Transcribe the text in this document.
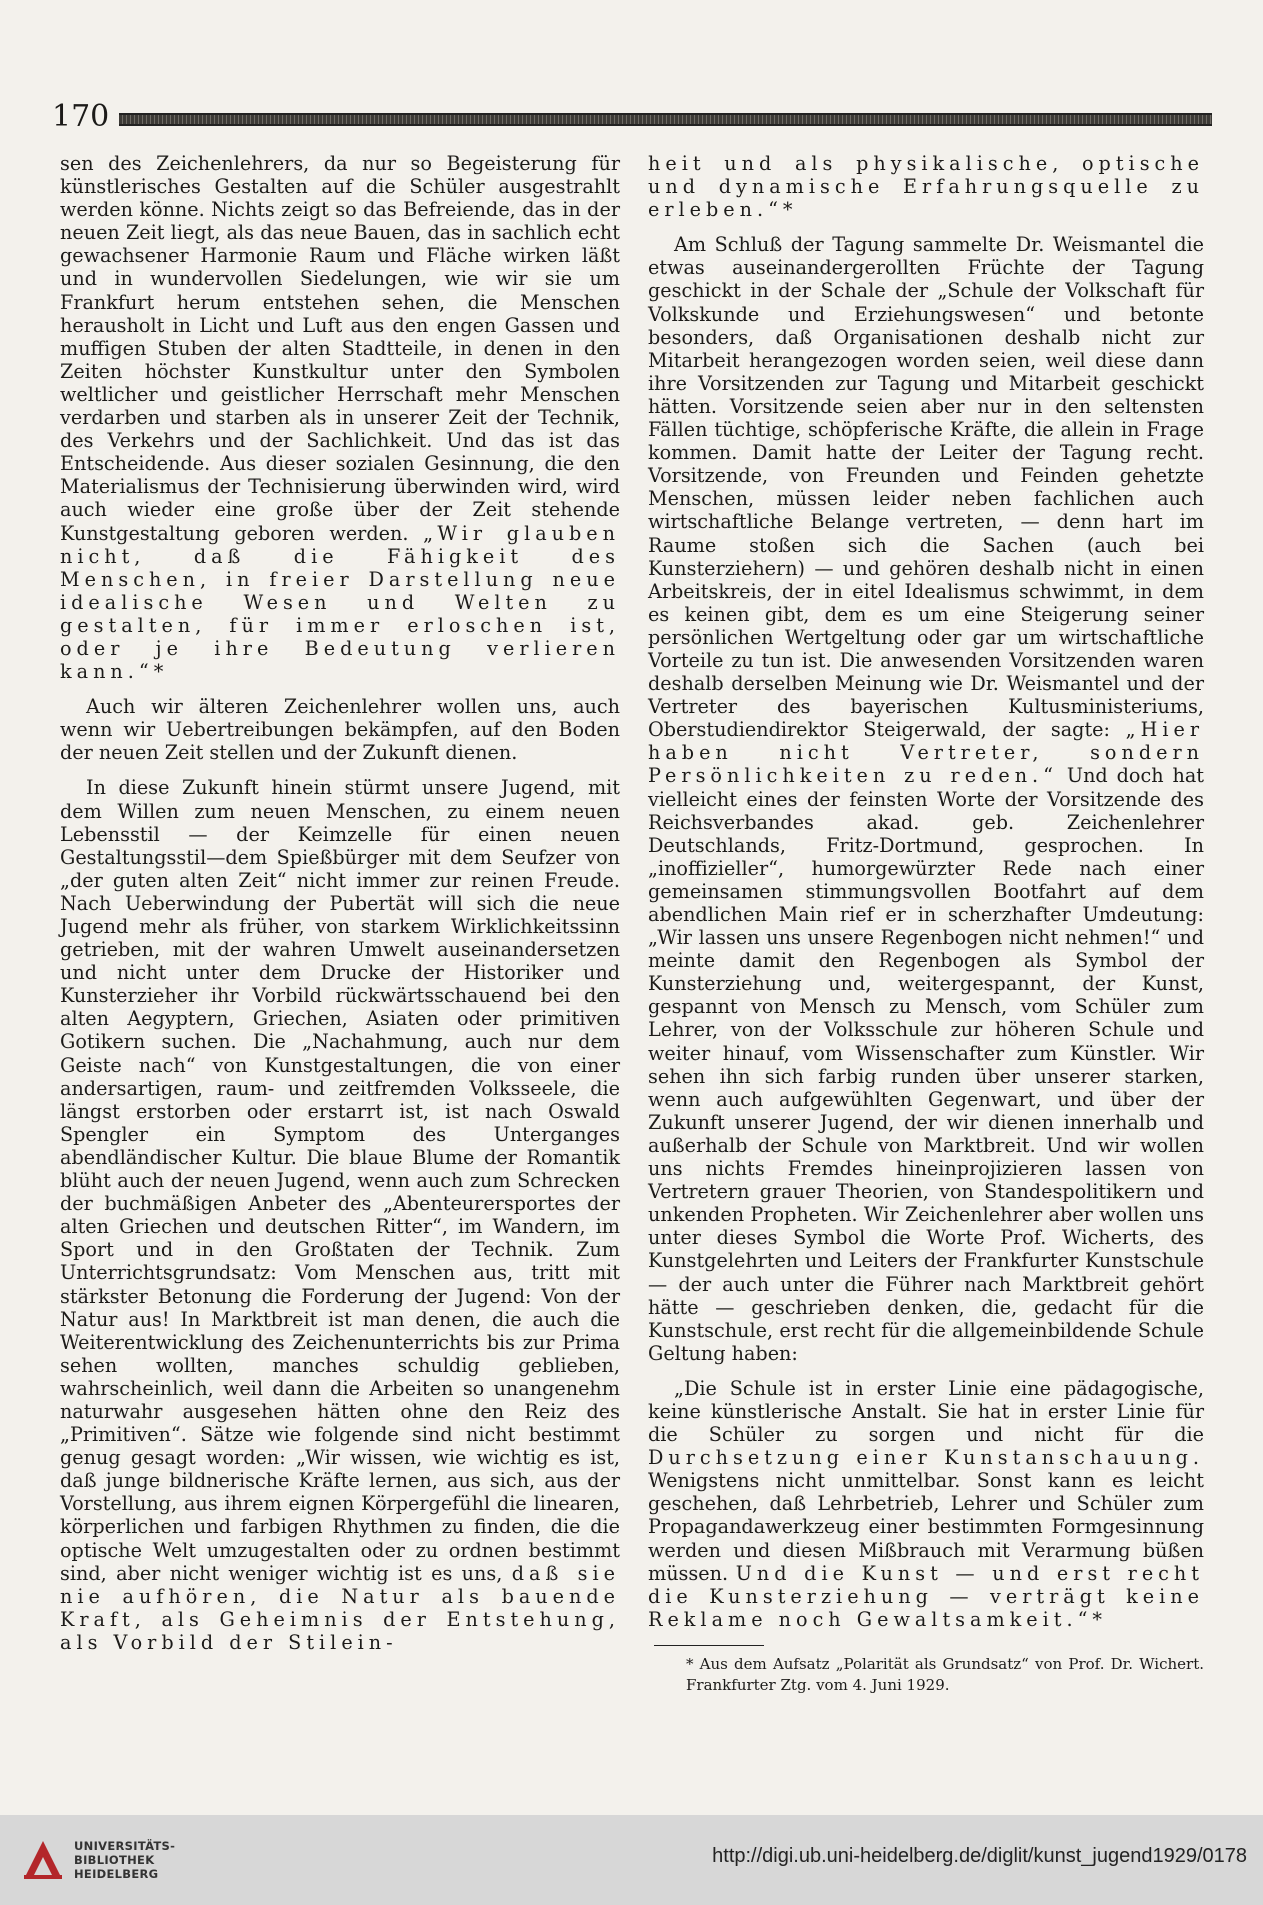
170

sen des Zeichenlehrers, da nur so Begeisterung für künstlerisches Gestalten auf die Schüler ausgestrahlt werden könne. Nichts zeigt so das Befreiende, das in der neuen Zeit liegt, als das neue Bauen, das in sachlich echt gewachsener Harmonie Raum und Fläche wirken läßt und in wundervollen Siedelungen, wie wir sie um Frankfurt herum entstehen sehen, die Menschen herausholt in Licht und Luft aus den engen Gassen und muffigen Stuben der alten Stadtteile, in denen in den Zeiten höchster Kunstkultur unter den Symbolen weltlicher und geistlicher Herrschaft mehr Menschen verdarben und starben als in unserer Zeit der Technik, des Verkehrs und der Sachlichkeit. Und das ist das Entscheidende. Aus dieser sozialen Gesinnung, die den Materialismus der Technisierung überwinden wird, wird auch wieder eine große über der Zeit stehende Kunstgestaltung geboren werden. „Wir glauben nicht, daß die Fähigkeit des Menschen, in freier Darstellung neue idealische Wesen und Welten zu gestalten, für immer erloschen ist, oder je ihre Bedeutung verlieren kann.“*

Auch wir älteren Zeichenlehrer wollen uns, auch wenn wir Uebertreibungen bekämpfen, auf den Boden der neuen Zeit stellen und der Zukunft dienen.

In diese Zukunft hinein stürmt unsere Jugend, mit dem Willen zum neuen Menschen, zu einem neuen Lebensstil — der Keimzelle für einen neuen Gestaltungsstil—dem Spießbürger mit dem Seufzer von „der guten alten Zeit“ nicht immer zur reinen Freude. Nach Ueberwindung der Pubertät will sich die neue Jugend mehr als früher, von starkem Wirklichkeitssinn getrieben, mit der wahren Umwelt auseinandersetzen und nicht unter dem Drucke der Historiker und Kunsterzieher ihr Vorbild rückwärtsschauend bei den alten Aegyptern, Griechen, Asiaten oder primitiven Gotikern suchen. Die „Nachahmung, auch nur dem Geiste nach“ von Kunstgestaltungen, die von einer andersartigen, raum- und zeitfremden Volksseele, die längst erstorben oder erstarrt ist, ist nach Oswald Spengler ein Symptom des Unterganges abendländischer Kultur. Die blaue Blume der Romantik blüht auch der neuen Jugend, wenn auch zum Schrecken der buchmäßigen Anbeter des „Abenteurersportes der alten Griechen und deutschen Ritter“, im Wandern, im Sport und in den Großtaten der Technik. Zum Unterrichtsgrundsatz: Vom Menschen aus, tritt mit stärkster Betonung die Forderung der Jugend: Von der Natur aus! In Marktbreit ist man denen, die auch die Weiterentwicklung des Zeichenunterrichts bis zur Prima sehen wollten, manches schuldig geblieben, wahrscheinlich, weil dann die Arbeiten so unangenehm naturwahr ausgesehen hätten ohne den Reiz des „Primitiven“. Sätze wie folgende sind nicht bestimmt genug gesagt worden: „Wir wissen, wie wichtig es ist, daß junge bildnerische Kräfte lernen, aus sich, aus der Vorstellung, aus ihrem eignen Körpergefühl die linearen, körperlichen und farbigen Rhythmen zu finden, die die optische Welt umzugestalten oder zu ordnen bestimmt sind, aber nicht weniger wichtig ist es uns, daß sie nie aufhören, die Natur als bauende Kraft, als Geheimnis der Entstehung, als Vorbild der Stilein-

heit und als physikalische, optische und dynamische Erfahrungsquelle zu erleben.“*

Am Schluß der Tagung sammelte Dr. Weismantel die etwas auseinandergerollten Früchte der Tagung geschickt in der Schale der „Schule der Volkschaft für Volkskunde und Erziehungswesen“ und betonte besonders, daß Organisationen deshalb nicht zur Mitarbeit herangezogen worden seien, weil diese dann ihre Vorsitzenden zur Tagung und Mitarbeit geschickt hätten. Vorsitzende seien aber nur in den seltensten Fällen tüchtige, schöpferische Kräfte, die allein in Frage kommen. Damit hatte der Leiter der Tagung recht. Vorsitzende, von Freunden und Feinden gehetzte Menschen, müssen leider neben fachlichen auch wirtschaftliche Belange vertreten, — denn hart im Raume stoßen sich die Sachen (auch bei Kunsterziehern) — und gehören deshalb nicht in einen Arbeitskreis, der in eitel Idealismus schwimmt, in dem es keinen gibt, dem es um eine Steigerung seiner persönlichen Wertgeltung oder gar um wirtschaftliche Vorteile zu tun ist. Die anwesenden Vorsitzenden waren deshalb derselben Meinung wie Dr. Weismantel und der Vertreter des bayerischen Kultusministeriums, Oberstudiendirektor Steigerwald, der sagte: „Hier haben nicht Vertreter, sondern Persönlichkeiten zu reden.“ Und doch hat vielleicht eines der feinsten Worte der Vorsitzende des Reichsverbandes akad. geb. Zeichenlehrer Deutschlands, Fritz-Dortmund, gesprochen. In „inoffizieller“, humorgewürzter Rede nach einer gemeinsamen stimmungsvollen Bootfahrt auf dem abendlichen Main rief er in scherzhafter Umdeutung: „Wir lassen uns unsere Regenbogen nicht nehmen!“ und meinte damit den Regenbogen als Symbol der Kunsterziehung und, weitergespannt, der Kunst, gespannt von Mensch zu Mensch, vom Schüler zum Lehrer, von der Volksschule zur höheren Schule und weiter hinauf, vom Wissenschafter zum Künstler. Wir sehen ihn sich farbig runden über unserer starken, wenn auch aufgewühlten Gegenwart, und über der Zukunft unserer Jugend, der wir dienen innerhalb und außerhalb der Schule von Marktbreit. Und wir wollen uns nichts Fremdes hineinprojizieren lassen von Vertretern grauer Theorien, von Standespolitikern und unkenden Propheten. Wir Zeichenlehrer aber wollen uns unter dieses Symbol die Worte Prof. Wicherts, des Kunstgelehrten und Leiters der Frankfurter Kunstschule — der auch unter die Führer nach Marktbreit gehört hätte — geschrieben denken, die, gedacht für die Kunstschule, erst recht für die allgemeinbildende Schule Geltung haben:

„Die Schule ist in erster Linie eine pädagogische, keine künstlerische Anstalt. Sie hat in erster Linie für die Schüler zu sorgen und nicht für die Durchsetzung einer Kunstanschauung. Wenigstens nicht unmittelbar. Sonst kann es leicht geschehen, daß Lehrbetrieb, Lehrer und Schüler zum Propagandawerkzeug einer bestimmten Formgesinnung werden und diesen Mißbrauch mit Verarmung büßen müssen. Und die Kunst — und erst recht die Kunsterziehung — verträgt keine Reklame noch Gewaltsamkeit.“*

* Aus dem Aufsatz „Polarität als Grundsatz“ von Prof. Dr. Wichert. Frankfurter Ztg. vom 4. Juni 1929.
UNIVERSITÄTS-
BIBLIOTHEK
HEIDELBERG
http://digi.ub.uni-heidelberg.de/diglit/kunst_jugend1929/0178
